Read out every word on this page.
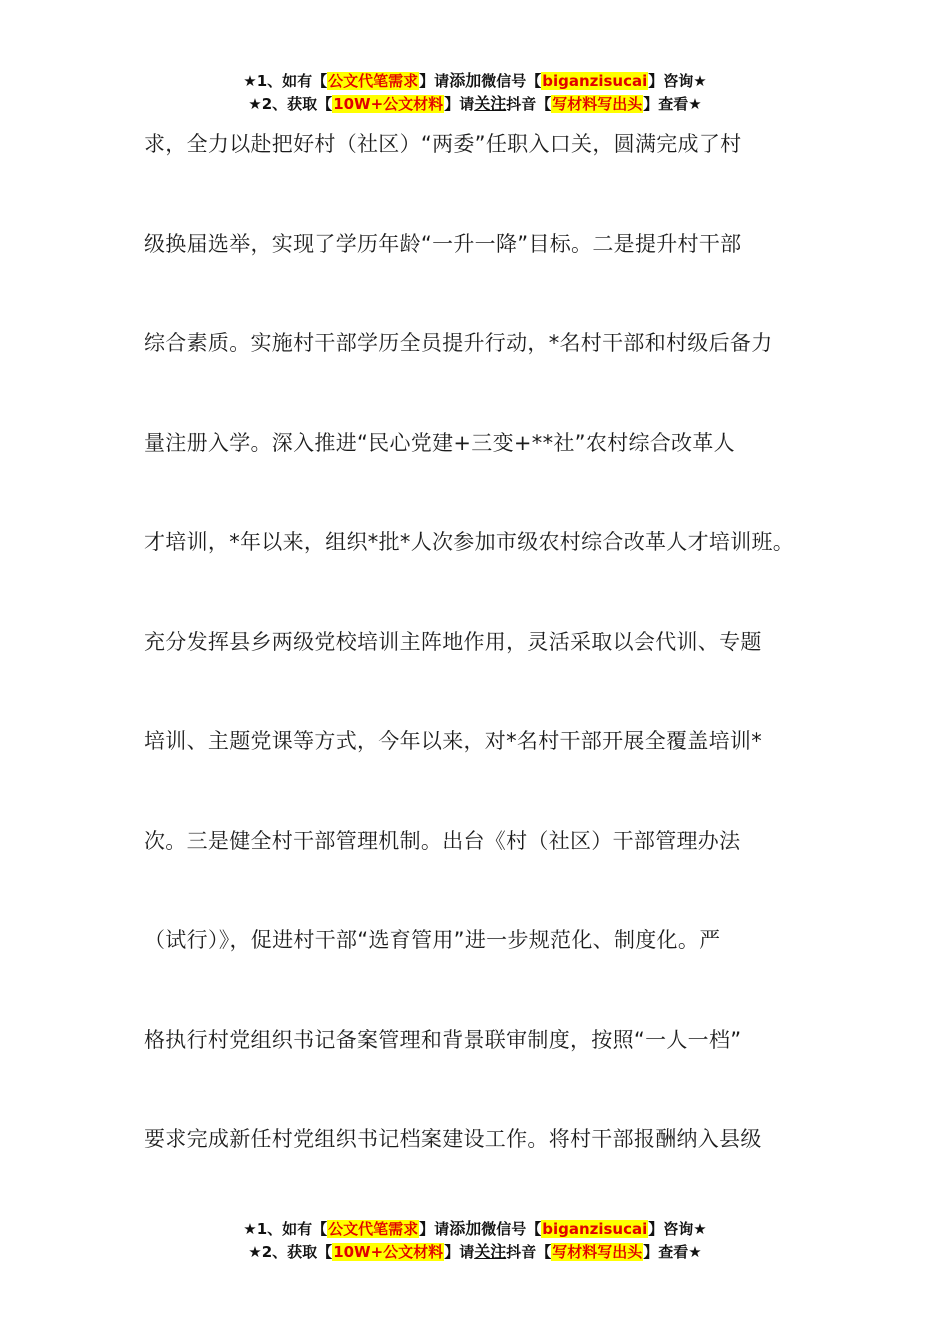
★1、如有【公文代笔需求】请添加微信号【biganzisucai】咨询★
★2、获取【10W+公文材料】请关注抖音【写材料写出头】查看★
求，全力以赴把好村（社区）“两委”任职入口关，圆满完成了村
级换届选举，实现了学历年龄“一升一降”目标。二是提升村干部
综合素质。实施村干部学历全员提升行动，*名村干部和村级后备力
量注册入学。深入推进“民心党建+三变+**社”农村综合改革人
才培训，*年以来，组织*批*人次参加市级农村综合改革人才培训班。
充分发挥县乡两级党校培训主阵地作用，灵活采取以会代训、专题
培训、主题党课等方式，今年以来，对*名村干部开展全覆盖培训*
次。三是健全村干部管理机制。出台《村（社区）干部管理办法
（试行）》，促进村干部“选育管用”进一步规范化、制度化。严
格执行村党组织书记备案管理和背景联审制度，按照“一人一档”
要求完成新任村党组织书记档案建设工作。将村干部报酬纳入县级
★1、如有【公文代笔需求】请添加微信号【biganzisucai】咨询★
★2、获取【10W+公文材料】请关注抖音【写材料写出头】查看★
